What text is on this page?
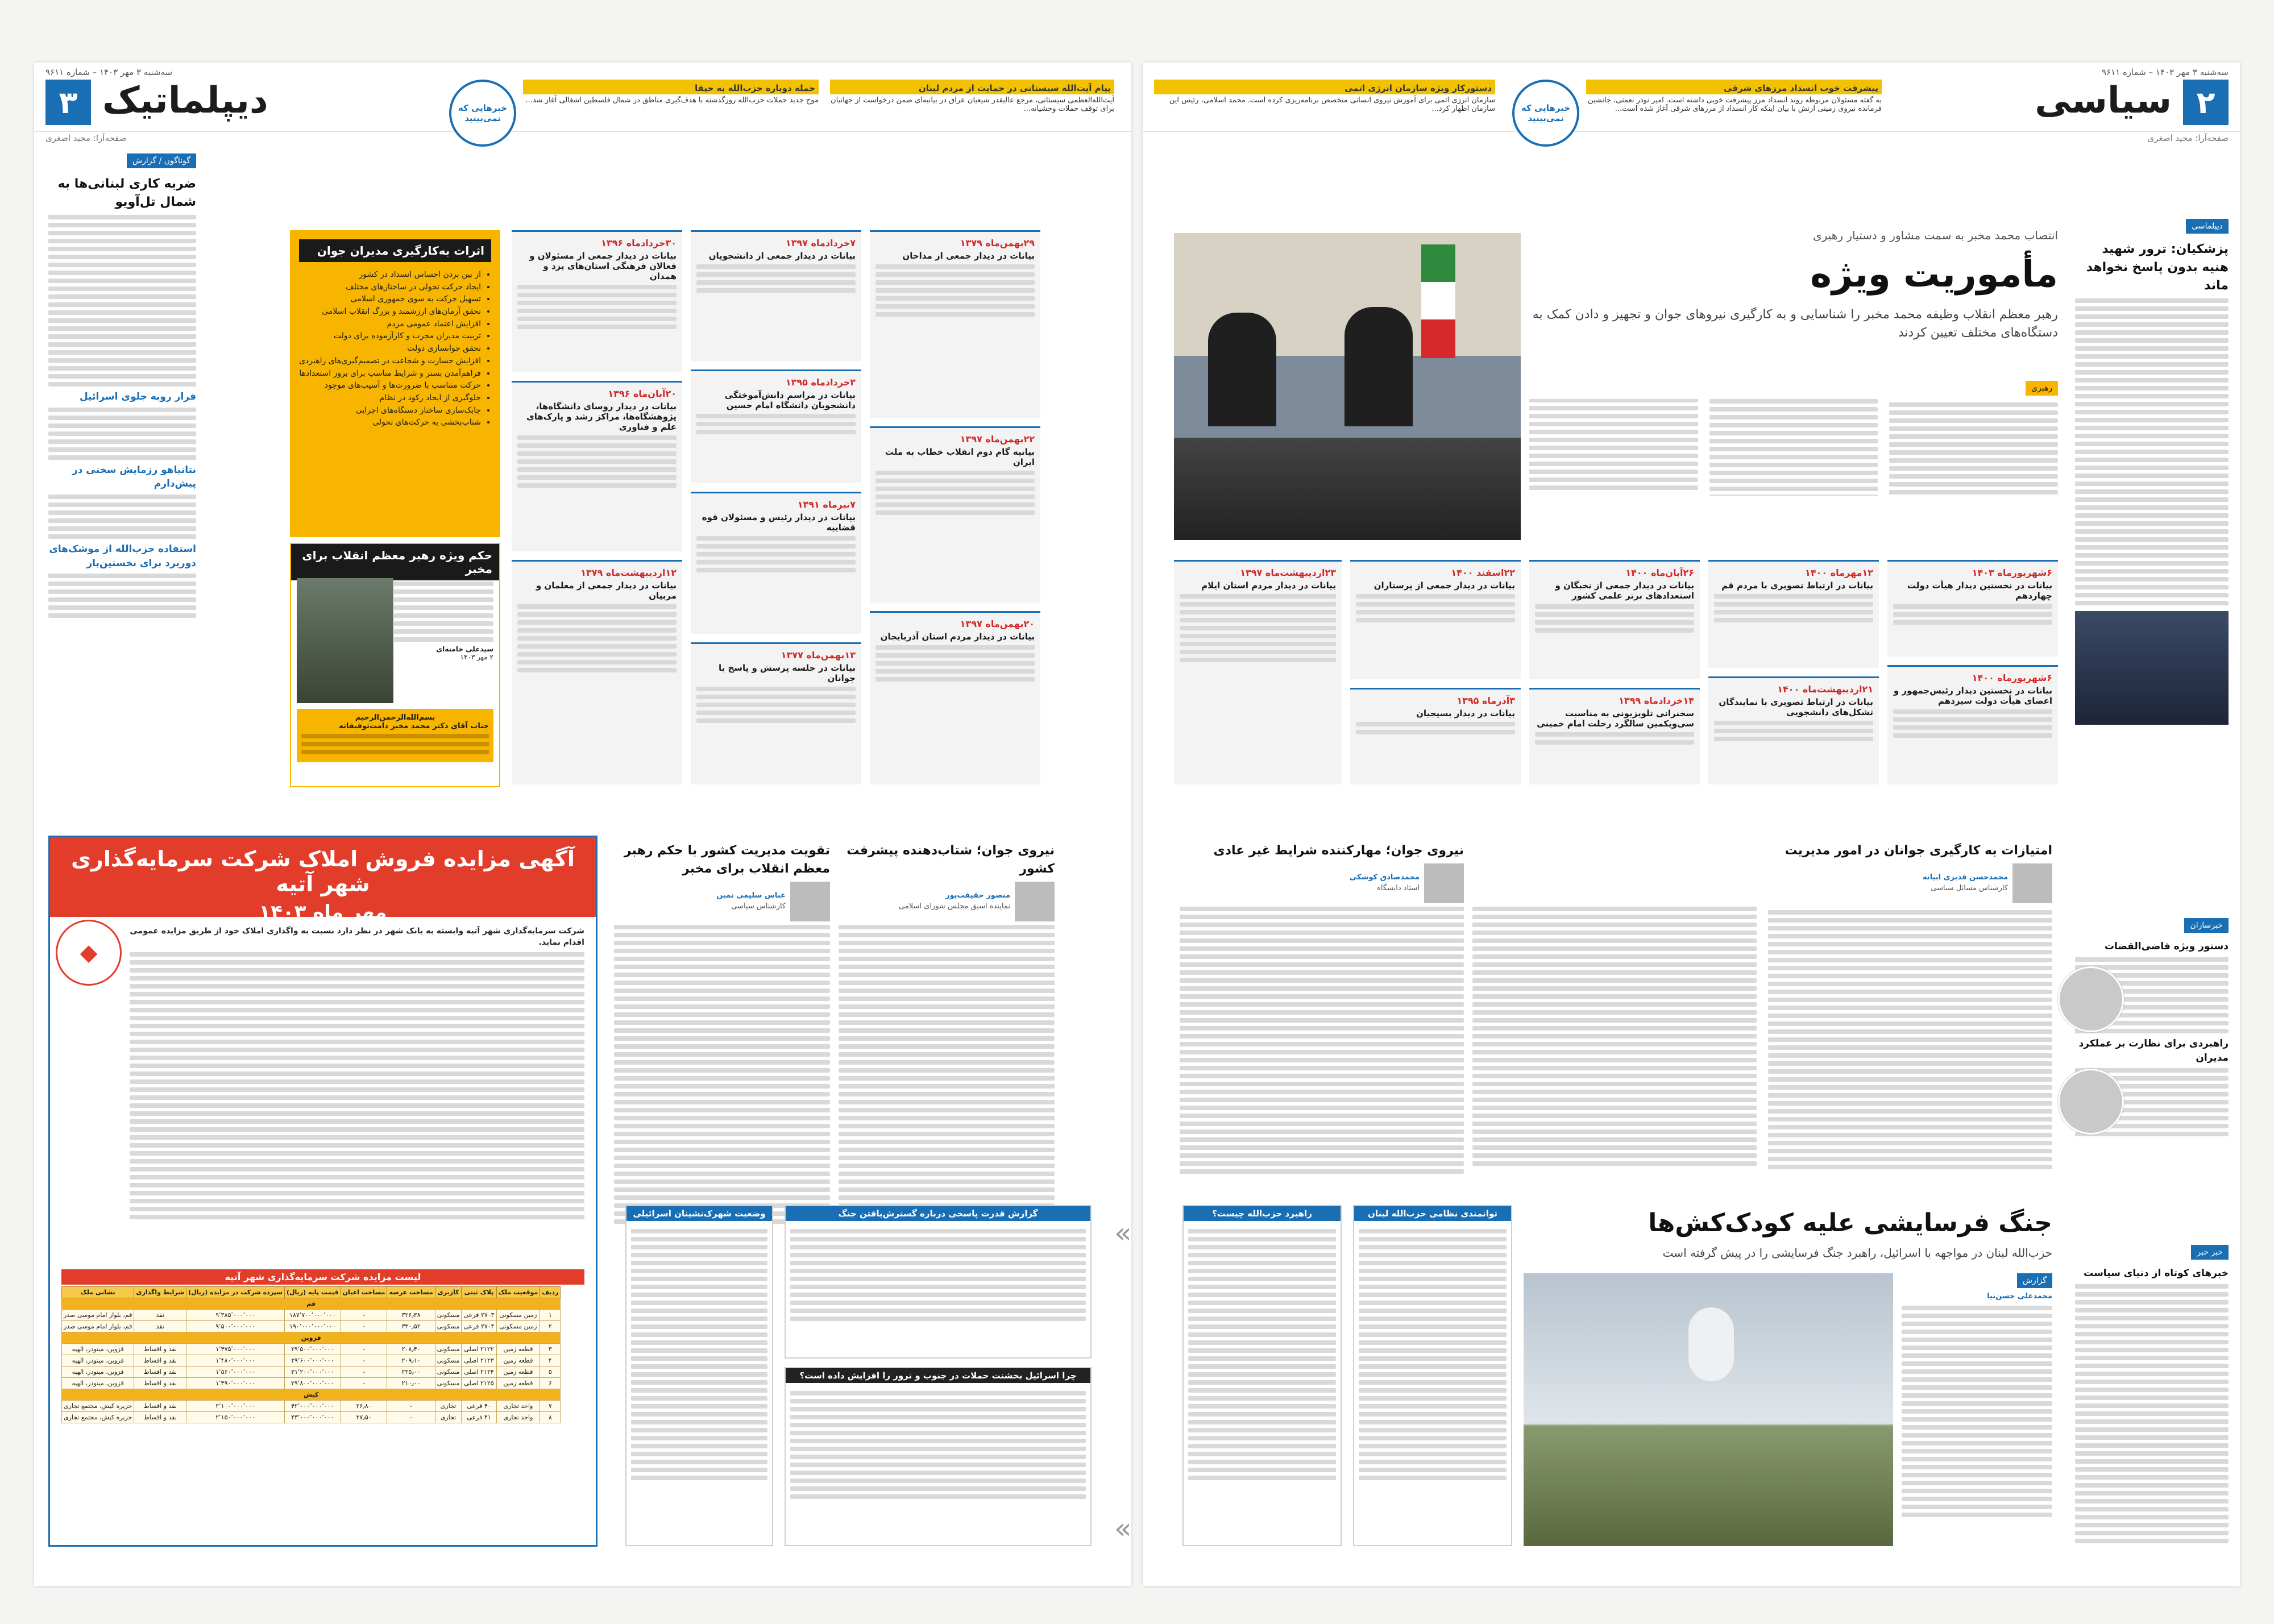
۳
سه‌شنبه ۳ مهر ۱۴۰۳ – شماره ۹۶۱۱
دیپلماتیک	خبرهایی که نمی‌بینید
حمله دوباره حزب‌الله به حیفا
موج جدید حملات حزب‌الله روزگذشته با هدف‌گیری مناطق در شمال فلسطین اشغالی آغاز شد...
پیام آیت‌الله سیستانی در حمایت از مردم لبنان
آیت‌الله‌العظمی سیستانی، مرجع عالیقدر شیعیان عراق در بیانیه‌ای ضمن درخواست از جهانیان برای توقف حملات وحشیانه...
صفحه‌آرا: مجید اصغری
گوناگون / گزارش
ضربه کاری لبنانی‌ها به شمال تل‌آویو
فرار روبه جلوی اسرائیل
نتانیاهو رزمایش سخنی در پیش‌دارم
استفاده حزب‌الله از موشک‌های دوربرد برای نخستین‌بار
اثرات به‌کارگیری مدیران جوان
• از بین بردن احساس انسداد در کشور
• ایجاد حرکت تحولی در ساختارهای مختلف
• تسهیل حرکت به سوی جمهوری اسلامی
• تحقق آرمان‌های ارزشمند و بزرگ انقلاب اسلامی
• افزایش اعتماد عمومی مردم
• تربیت مدیران مجرب و کارآزموده برای دولت
• تحقق جوانسازی دولت
• افزایش جسارت و شجاعت در تصمیم‌گیری‌های راهبردی
• فراهم‌آمدن بستر و شرایط مناسب برای بروز استعدادها
• حرکت متناسب با ضرورت‌ها و آسیب‌های موجود
• جلوگیری از ایجاد رکود در نظام
• چابک‌سازی ساختار دستگاه‌های اجرایی
• شتاب‌بخشی به حرکت‌های تحولی
حکم ویژه رهبر معظم انقلاب برای مخبر
سیدعلی خامنه‌ای
۲ مهر ۱۴۰۳
بسم‌الله‌الرحمن‌الرحیم
جناب آقای دکتر محمد مخبر دامت‌توفیقاته
۳۰خردادماه ۱۳۹۶
بیانات در دیدار جمعی از مسئولان و فعالان فرهنگی استان‌های یزد و همدان
۲۰آبان‌ماه ۱۳۹۶
بیانات در دیدار روسای دانشگاه‌ها، پژوهشگاه‌ها، مراکز رشد و پارک‌های علم و فناوری
۷خردادماه ۱۳۹۷
بیانات در دیدار جمعی از دانشجویان
۳خردادماه ۱۳۹۵
بیانات در مراسم دانش‌آموختگی دانشجویان دانشگاه امام حسین
۷تیرماه ۱۳۹۱
بیانات در دیدار رئیس و مسئولان قوه قضاییه
۱۳بهمن‌ماه ۱۳۷۷
بیانات در جلسه پرسش و پاسخ با جوانان
۱۲اردیبهشت‌ماه ۱۳۷۹
بیانات در دیدار جمعی از معلمان و مربیان
۲۹بهمن‌ماه ۱۳۷۹
بیانات در دیدار جمعی از مداحان
تقویت مدیریت کشور با حکم رهبر معظم انقلاب برای مخبر
عباس سلیمی نمین
کارشناس سیاسی
نیروی جوان؛ شتاب‌دهنده پیشرفت کشور
منصور حقیقت‌پور
نماینده اسبق مجلس شورای اسلامی
وضعیت شهرک‌نشینان اسرائیلی	گزارش قدرت پاسخی درباره گسترش‌یافتن جنگ
چرا اسرائیل بخشنت حملات در جنوب و ترور را افزایش داده است؟
آگهی مزایده فروش املاک شرکت سرمایه‌گذاری شهر آتیه
مهر ماه ۱۴۰۳
◆
شرکت سرمایه‌گذاری شهر آتیه وابسته به بانک شهر در نظر دارد نسبت به واگذاری املاک خود از طریق مزایده عمومی اقدام نماید.
لیست مزایده شرکت سرمایه‌گذاری شهر آتیه
ردیف	موقعیت ملک	پلاک ثبتی	کاربری	مساحت عرصه	مساحت اعیان	قیمت پایه (ریال)	سپرده شرکت در مزایده (ریال)	شرایط واگذاری	نشانی ملک
قم									
۱	زمین مسکونی	۲۷۰۳ فرعی	مسکونی	۳۲۶٫۳۸	-	۱۸۷٬۷۰۰٬۰۰۰٬۰۰۰	۹٬۳۸۵٬۰۰۰٬۰۰۰	نقد	قم، بلوار امام موسی صدر
۲	زمین مسکونی	۲۷۰۴ فرعی	مسکونی	۳۳۰٫۵۲	-	۱۹۰٬۰۰۰٬۰۰۰٬۰۰۰	۹٬۵۰۰٬۰۰۰٬۰۰۰	نقد	قم، بلوار امام موسی صدر
قزوین									
۳	قطعه زمین	۲۱۲۲ اصلی	مسکونی	۲۰۸٫۴۰	-	۲۹٬۵۰۰٬۰۰۰٬۰۰۰	۱٬۴۷۵٬۰۰۰٬۰۰۰	نقد و اقساط	قزوین، مینودر، الهیه
۴	قطعه زمین	۲۱۲۳ اصلی	مسکونی	۲۰۹٫۱۰	-	۲۹٬۶۰۰٬۰۰۰٬۰۰۰	۱٬۴۸۰٬۰۰۰٬۰۰۰	نقد و اقساط	قزوین، مینودر، الهیه
۵	قطعه زمین	۲۱۲۴ اصلی	مسکونی	۲۲۵٫۰۰	-	۳۱٬۲۰۰٬۰۰۰٬۰۰۰	۱٬۵۶۰٬۰۰۰٬۰۰۰	نقد و اقساط	قزوین، مینودر، الهیه
۶	قطعه زمین	۲۱۲۵ اصلی	مسکونی	۲۱۰٫۰۰	-	۲۹٬۸۰۰٬۰۰۰٬۰۰۰	۱٬۴۹۰٬۰۰۰٬۰۰۰	نقد و اقساط	قزوین، مینودر، الهیه
کیش									
۷	واحد تجاری	۴۰ فرعی	تجاری	-	۲۶٫۸۰	۴۲٬۰۰۰٬۰۰۰٬۰۰۰	۲٬۱۰۰٬۰۰۰٬۰۰۰	نقد و اقساط	جزیره کیش، مجتمع تجاری
۸	واحد تجاری	۴۱ فرعی	تجاری	-	۲۷٫۵۰	۴۳٬۰۰۰٬۰۰۰٬۰۰۰	۲٬۱۵۰٬۰۰۰٬۰۰۰	نقد و اقساط	جزیره کیش، مجتمع تجاری
۲
سه‌شنبه ۳ مهر ۱۴۰۳ – شماره ۹۶۱۱
سیاسی
پیشرفت خوب انسداد مرزهای شرقی
به گفته مسئولان مربوطه روند انسداد مرز پیشرفت خوبی داشته است. امیر نوذر نعمتی، جانشین فرمانده نیروی زمینی ارتش با بیان اینکه کار انسداد از مرزهای شرقی آغاز شده است...
خبرهایی که نمی‌بینید
دستورکار ویژه سازمان انرژی اتمی
سازمان انرژی اتمی برای آموزش نیروی انسانی متخصص برنامه‌ریزی کرده است. محمد اسلامی، رئیس این سازمان اظهار کرد...
صفحه‌آرا: مجید اصغری
انتصاب محمد مخبر به سمت مشاور و دستیار رهبری
مأموریت ویژه
رهبر معظم انقلاب وظیفه محمد مخبر را شناسایی و به کارگیری نیروهای جوان و تجهیز و دادن کمک به دستگاه‌های مختلف تعیین کردند
رهبری
۶شهریورماه ۱۴۰۳
بیانات در نخستین دیدار هیأت دولت چهاردهم
۶شهریورماه ۱۴۰۰
بیانات در نخستین دیدار رئیس‌جمهور و اعضای هیأت دولت سیزدهم
۱۲مهرماه ۱۴۰۰
بیانات در ارتباط تصویری با مردم قم
۲۱اردیبهشت‌ماه ۱۴۰۰
بیانات در ارتباط تصویری با نمایندگان تشکل‌های دانشجویی
۲۶آبان‌ماه ۱۴۰۰
بیانات در دیدار جمعی از نخبگان و استعدادهای برتر علمی کشور
۱۴خردادماه ۱۳۹۹
سخنرانی تلویزیونی به مناسبت سی‌ویکمین سالگرد رحلت امام خمینی
۲۲اسفند ۱۴۰۰
بیانات در دیدار جمعی از پرستاران
۳آذرماه ۱۳۹۵
بیانات در دیدار بسیجیان
۲۲بهمن‌ماه ۱۳۹۷
بیانیه گام دوم انقلاب خطاب به ملت ایران
۲۰بهمن‌ماه ۱۳۹۷
بیانات در دیدار مردم استان آذربایجان
۲۳اردیبهشت‌ماه ۱۳۹۷
بیانات در دیدار مردم استان ایلام
دیپلماسی
پزشکیان: ترور شهید هنیه بدون پاسخ نخواهد ماند
خبرسازان
دستور ویژه قاضی‌القضات
راهبردی برای نظارت بر عملکرد مدیران
خبر خبر
خبرهای کوتاه از دنیای سیاست
نیروی جوان؛ مهارکننده شرایط غیر عادی
محمدصادق کوشکی
استاد دانشگاه
امتیازات به کارگیری جوانان در امور مدیریت
محمدحسن قدیری ابیانه
کارشناس مسائل سیاسی
جنگ فرسایشی علیه کودک‌کش‌ها
حزب‌الله لبنان در مواجهه با اسرائیل، راهبرد جنگ فرسایشی را در پیش گرفته است
گزارش
محمدعلی حسن‌نیا
توانمندی نظامی حزب‌الله لبنان
راهبرد حزب‌الله چیست؟
«
«
